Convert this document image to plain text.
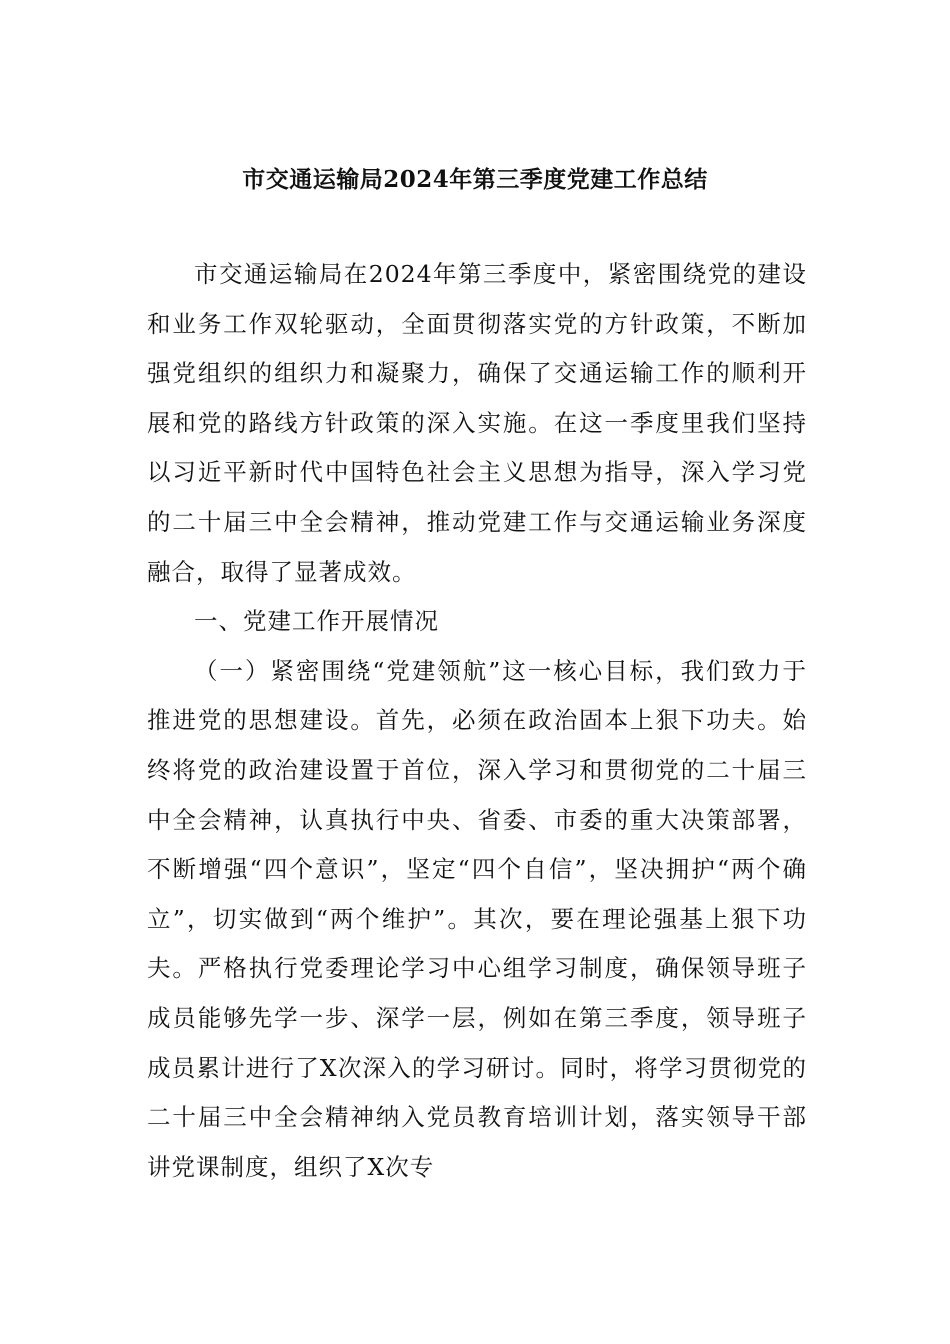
市交通运输局2024年第三季度党建工作总结

市交通运输局在2024年第三季度中，紧密围绕党的建设和业务工作双轮驱动，全面贯彻落实党的方针政策，不断加强党组织的组织力和凝聚力，确保了交通运输工作的顺利开展和党的路线方针政策的深入实施。在这一季度里我们坚持以习近平新时代中国特色社会主义思想为指导，深入学习党的二十届三中全会精神，推动党建工作与交通运输业务深度融合，取得了显著成效。

一、党建工作开展情况

（一）紧密围绕“党建领航”这一核心目标，我们致力于推进党的思想建设。首先，必须在政治固本上狠下功夫。始终将党的政治建设置于首位，深入学习和贯彻党的二十届三中全会精神，认真执行中央、省委、市委的重大决策部署，不断增强“四个意识”，坚定“四个自信”，坚决拥护“两个确立”，切实做到“两个维护”。其次，要在理论强基上狠下功夫。严格执行党委理论学习中心组学习制度，确保领导班子成员能够先学一步、深学一层，例如在第三季度，领导班子成员累计进行了X次深入的学习研讨。同时，将学习贯彻党的二十届三中全会精神纳入党员教育培训计划，落实领导干部讲党课制度，组织了X次专
